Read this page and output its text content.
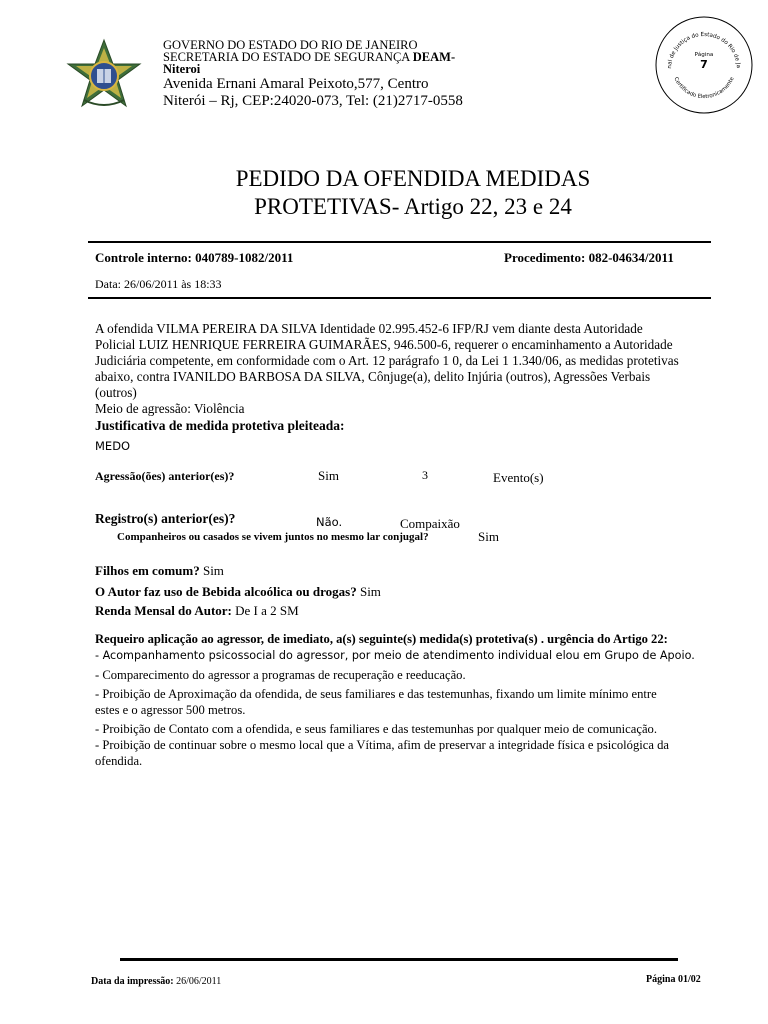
GOVERNO DO ESTADO DO RIO DE JANEIRO
SECRETARIA DO ESTADO DE SEGURANÇA DEAM-
Niteroi
Avenida Ernani Amaral Peixoto,577, Centro
Niterói – Rj, CEP:24020-073, Tel: (21)2717-0558
nal de Justiça do Estado do Rio de Ja
Certificado Eletronicamente
Página
7
PEDIDO DA OFENDIDA MEDIDAS
PROTETIVAS- Artigo 22, 23 e 24
Controle interno: 040789-1082/2011	Procedimento: 082-04634/2011
Data: 26/06/2011 às 18:33
A ofendida VILMA PEREIRA DA SILVA Identidade 02.995.452-6 IFP/RJ vem diante desta Autoridade
Policial LUIZ HENRIQUE FERREIRA GUIMARÃES, 946.500-6, requerer o encaminhamento a Autoridade
Judiciária competente, em conformidade com o Art. 12 parágrafo 1 0, da Lei 1 1.340/06, as medidas protetivas
abaixo, contra IVANILDO BARBOSA DA SILVA, Cônjuge(a), delito Injúria (outros), Agressões Verbais
(outros)
Meio de agressão: Violência
Justificativa de medida protetiva pleiteada:
MEDO
Agressão(ões) anterior(es)?	Sim	3	Evento(s)
Registro(s) anterior(es)?	Não.	Compaixão
Companheiros ou casados se vivem juntos no mesmo lar conjugal?	Sim
Filhos em comum? Sim
O Autor faz uso de Bebida alcoólica ou drogas? Sim
Renda Mensal do Autor: De I a 2 SM
Requeiro aplicação ao agressor, de imediato, a(s) seguinte(s) medida(s) protetiva(s) . urgência do Artigo 22:
- Acompanhamento psicossocial do agressor, por meio de atendimento individual elou em Grupo de Apoio.
- Comparecimento do agressor a programas de recuperação e reeducação.
- Proibição de Aproximação da ofendida, de seus familiares e das testemunhas, fixando um limite mínimo entre
estes e o agressor 500 metros.
- Proibição de Contato com a ofendida, e seus familiares e das testemunhas por qualquer meio de comunicação.
- Proibição de continuar sobre o mesmo local que a Vítima, afim de preservar a integridade física e psicológica da
ofendida.
Data da impressão: 26/06/2011	Página 01/02
